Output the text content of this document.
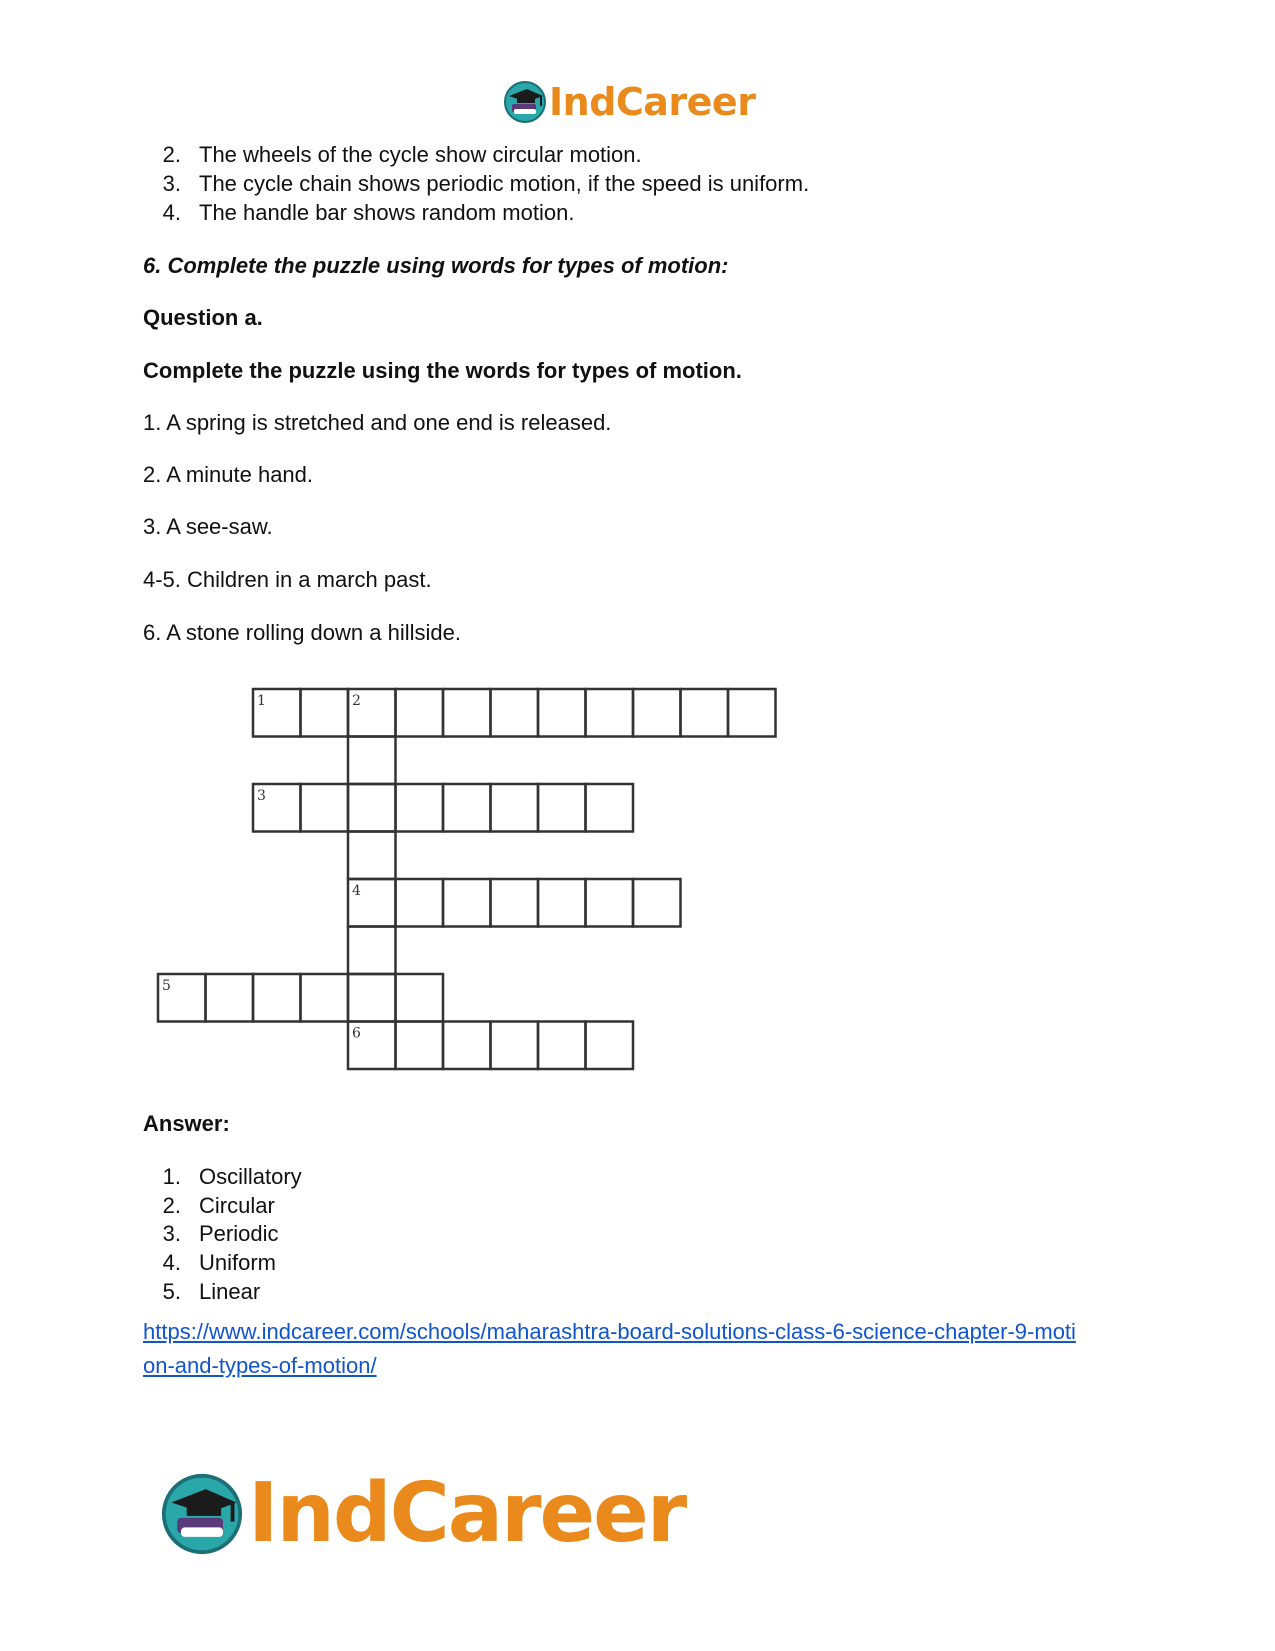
IndCareer
2. The wheels of the cycle show circular motion.
3. The cycle chain shows periodic motion, if the speed is uniform.
4. The handle bar shows random motion.
6. Complete the puzzle using words for types of motion:
Question a.
Complete the puzzle using the words for types of motion.
1. A spring is stretched and one end is released.
2. A minute hand.
3. A see-saw.
4-5. Children in a march past.
6. A stone rolling down a hillside.
1	2
3
4
5
6
Answer:
1. Oscillatory
2. Circular
3. Periodic
4. Uniform
5. Linear
https://www.indcareer.com/schools/maharashtra-board-solutions-class-6-science-chapter-9-moti
on-and-types-of-motion/
IndCareer
